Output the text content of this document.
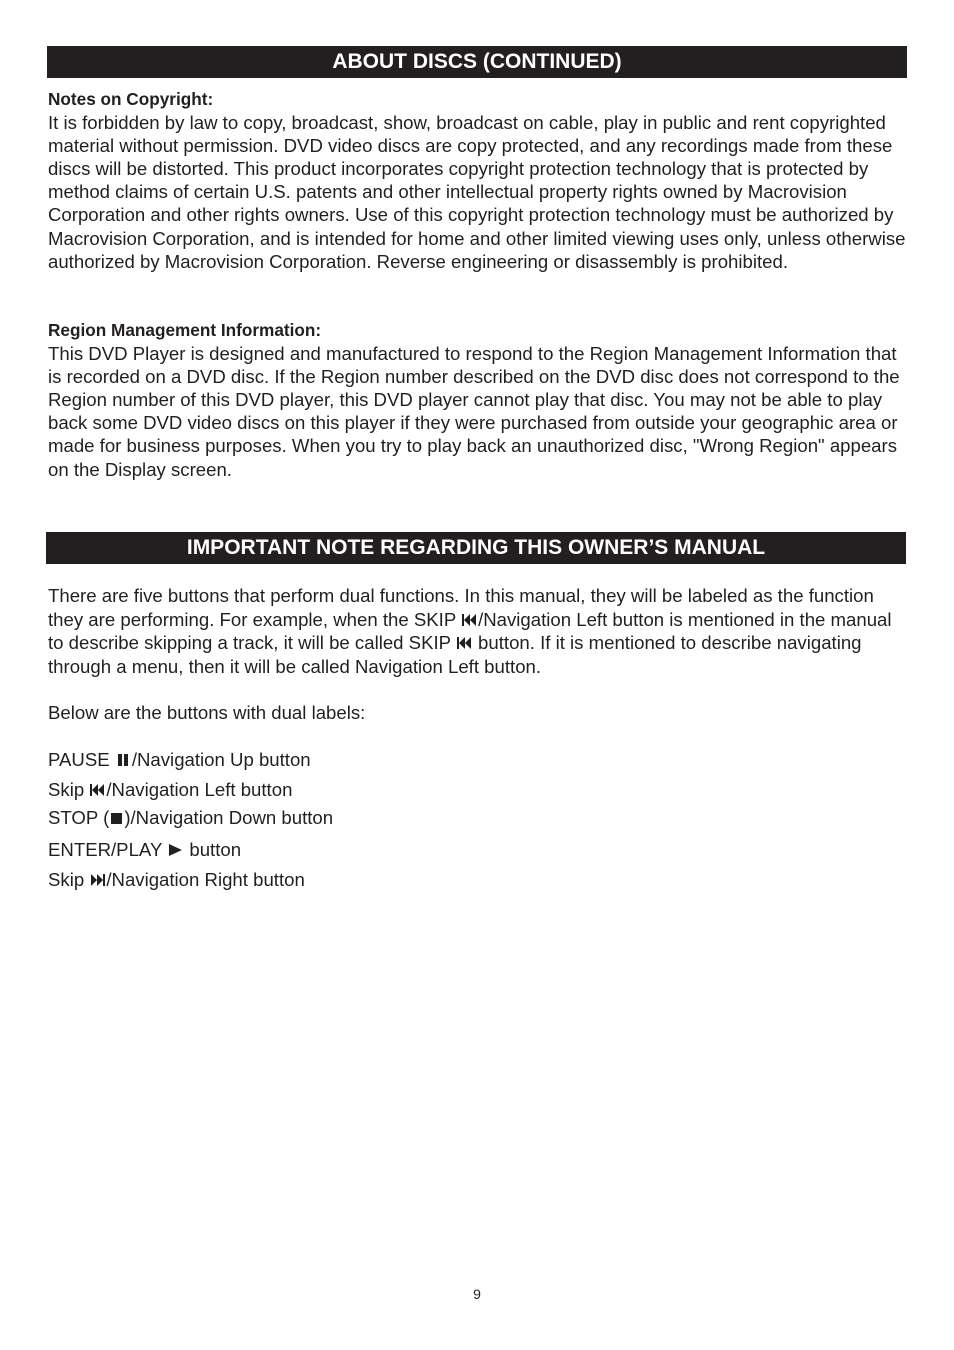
ABOUT DISCS (CONTINUED)
Notes on Copyright:

It is forbidden by law to copy, broadcast, show, broadcast on cable, play in public and rent copyrighted material without permission. DVD video discs are copy protected, and any recordings made from these discs will be distorted. This product incorporates copyright protection technology that is protected by method claims of certain U.S. patents and other intellectual property rights owned by Macrovision Corporation and other rights owners. Use of this copyright protection technology must be authorized by Macrovision Corporation, and is intended for home and other limited viewing uses only, unless otherwise authorized by Macrovision Corporation. Reverse engineering or disassembly is prohibited.

Region Management Information:

This DVD Player is designed and manufactured to respond to the Region Management Information that is recorded on a DVD disc. If the Region number described on the DVD disc does not correspond to the Region number of this DVD player, this DVD player cannot play that disc. You may not be able to play back some DVD video discs on this player if they were purchased from outside your geographic area or made for business purposes. When you try to play back an unauthorized disc, "Wrong Region" appears on the Display screen.

IMPORTANT NOTE REGARDING THIS OWNER’S MANUAL

There are five buttons that perform dual functions. In this manual, they will be labeled as the function they are performing. For example, when the SKIP
/Navigation Left button is mentioned in the manual to describe skipping a track, it will be called SKIP
button. If it is mentioned to describe navigating through a menu, then it will be called Navigation Left button.

Below are the buttons with dual labels:
PAUSE
/Navigation Up button
Skip
/Navigation Left button
STOP ( )/Navigation Down button
ENTER/PLAY
button
Skip
/Navigation Right button
9
